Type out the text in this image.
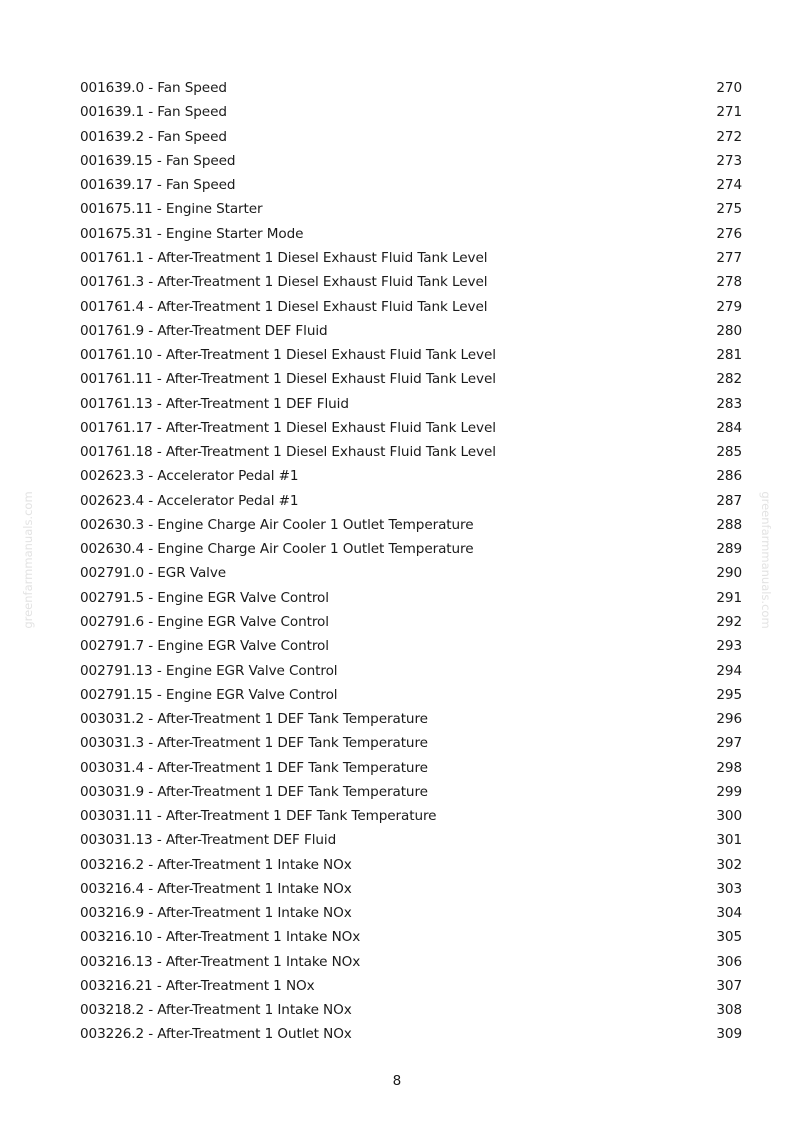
greenfarmmanuals.com	greenfarmmanuals.com
001639.0 - Fan Speed	270
001639.1 - Fan Speed	271
001639.2 - Fan Speed	272
001639.15 - Fan Speed	273
001639.17 - Fan Speed	274
001675.11 - Engine Starter	275
001675.31 - Engine Starter Mode	276
001761.1 - After-Treatment 1 Diesel Exhaust Fluid Tank Level	277
001761.3 - After-Treatment 1 Diesel Exhaust Fluid Tank Level	278
001761.4 - After-Treatment 1 Diesel Exhaust Fluid Tank Level	279
001761.9 - After-Treatment DEF Fluid	280
001761.10 - After-Treatment 1 Diesel Exhaust Fluid Tank Level	281
001761.11 - After-Treatment 1 Diesel Exhaust Fluid Tank Level	282
001761.13 - After-Treatment 1 DEF Fluid	283
001761.17 - After-Treatment 1 Diesel Exhaust Fluid Tank Level	284
001761.18 - After-Treatment 1 Diesel Exhaust Fluid Tank Level	285
002623.3 - Accelerator Pedal #1	286
002623.4 - Accelerator Pedal #1	287
002630.3 - Engine Charge Air Cooler 1 Outlet Temperature	288
002630.4 - Engine Charge Air Cooler 1 Outlet Temperature	289
002791.0 - EGR Valve	290
002791.5 - Engine EGR Valve Control	291
002791.6 - Engine EGR Valve Control	292
002791.7 - Engine EGR Valve Control	293
002791.13 - Engine EGR Valve Control	294
002791.15 - Engine EGR Valve Control	295
003031.2 - After-Treatment 1 DEF Tank Temperature	296
003031.3 - After-Treatment 1 DEF Tank Temperature	297
003031.4 - After-Treatment 1 DEF Tank Temperature	298
003031.9 - After-Treatment 1 DEF Tank Temperature	299
003031.11 - After-Treatment 1 DEF Tank Temperature	300
003031.13 - After-Treatment DEF Fluid	301
003216.2 - After-Treatment 1 Intake NOx	302
003216.4 - After-Treatment 1 Intake NOx	303
003216.9 - After-Treatment 1 Intake NOx	304
003216.10 - After-Treatment 1 Intake NOx	305
003216.13 - After-Treatment 1 Intake NOx	306
003216.21 - After-Treatment 1 NOx	307
003218.2 - After-Treatment 1 Intake NOx	308
003226.2 - After-Treatment 1 Outlet NOx	309
8
